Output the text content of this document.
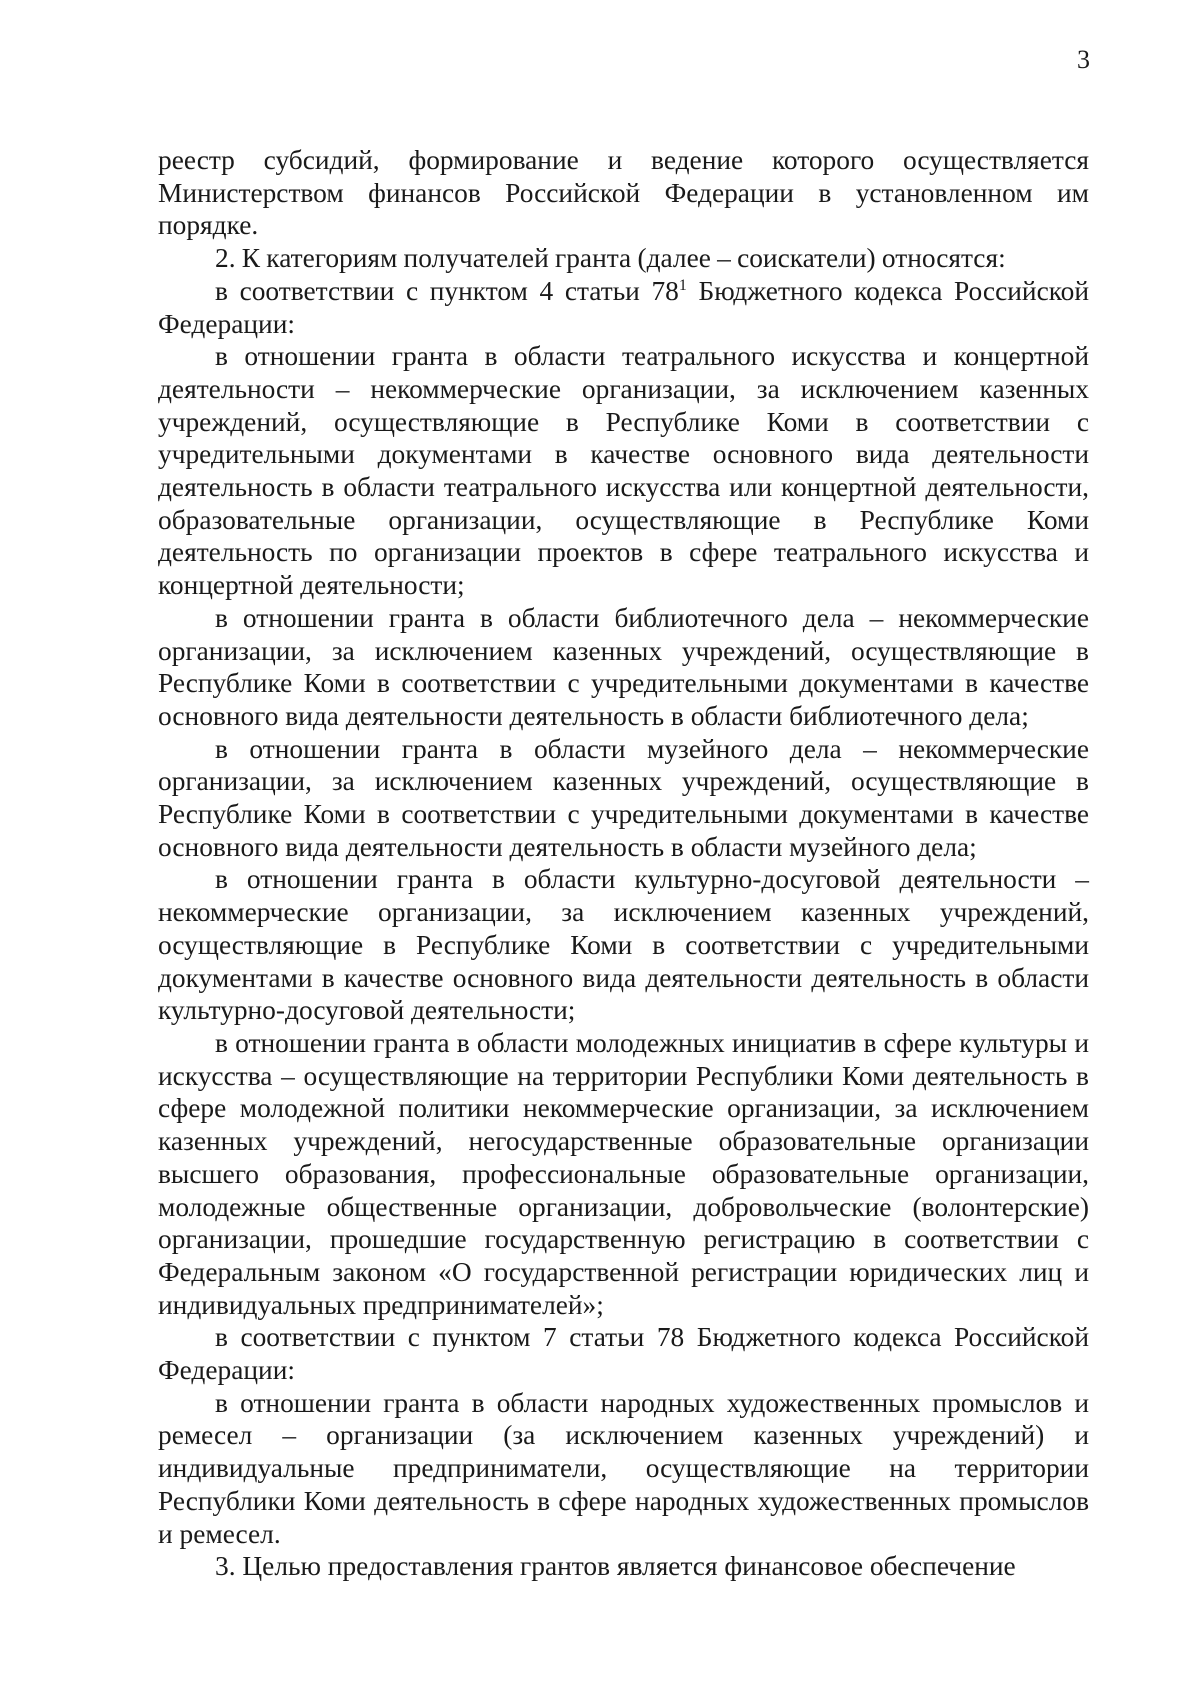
3

реестр субсидий, формирование и ведение которого осуществляется Министерством финансов Российской Федерации в установленном им порядке.

2. К категориям получателей гранта (далее – соискатели) относятся:

в соответствии с пунктом 4 статьи 78$^1$ Бюджетного кодекса Российской Федерации:

в отношении гранта в области театрального искусства и концертной деятельности – некоммерческие организации, за исключением казенных учреждений, осуществляющие в Республике Коми в соответствии с учредительными документами в качестве основного вида деятельности деятельность в области театрального искусства или концертной деятельности, образовательные организации, осуществляющие в Республике Коми деятельность по организации проектов в сфере театрального искусства и концертной деятельности;

в отношении гранта в области библиотечного дела – некоммерческие организации, за исключением казенных учреждений, осуществляющие в Республике Коми в соответствии с учредительными документами в качестве основного вида деятельности деятельность в области библиотечного дела;

в отношении гранта в области музейного дела – некоммерческие организации, за исключением казенных учреждений, осуществляющие в Республике Коми в соответствии с учредительными документами в качестве основного вида деятельности деятельность в области музейного дела;

в отношении гранта в области культурно-досуговой деятельности – некоммерческие организации, за исключением казенных учреждений, осуществляющие в Республике Коми в соответствии с учредительными документами в качестве основного вида деятельности деятельность в области культурно-досуговой деятельности;

в отношении гранта в области молодежных инициатив в сфере культуры и искусства – осуществляющие на территории Республики Коми деятельность в сфере молодежной политики некоммерческие организации, за исключением казенных учреждений, негосударственные образовательные организации высшего образования, профессиональные образовательные организации, молодежные общественные организации, добровольческие (волонтерские) организации, прошедшие государственную регистрацию в соответствии с Федеральным законом «О государственной регистрации юридических лиц и индивидуальных предпринимателей»;

в соответствии с пунктом 7 статьи 78 Бюджетного кодекса Российской Федерации:

в отношении гранта в области народных художественных промыслов и ремесел – организации (за исключением казенных учреждений) и индивидуальные предприниматели, осуществляющие на территории Республики Коми деятельность в сфере народных художественных промыслов и ремесел.

3. Целью предоставления грантов является финансовое обеспечение
